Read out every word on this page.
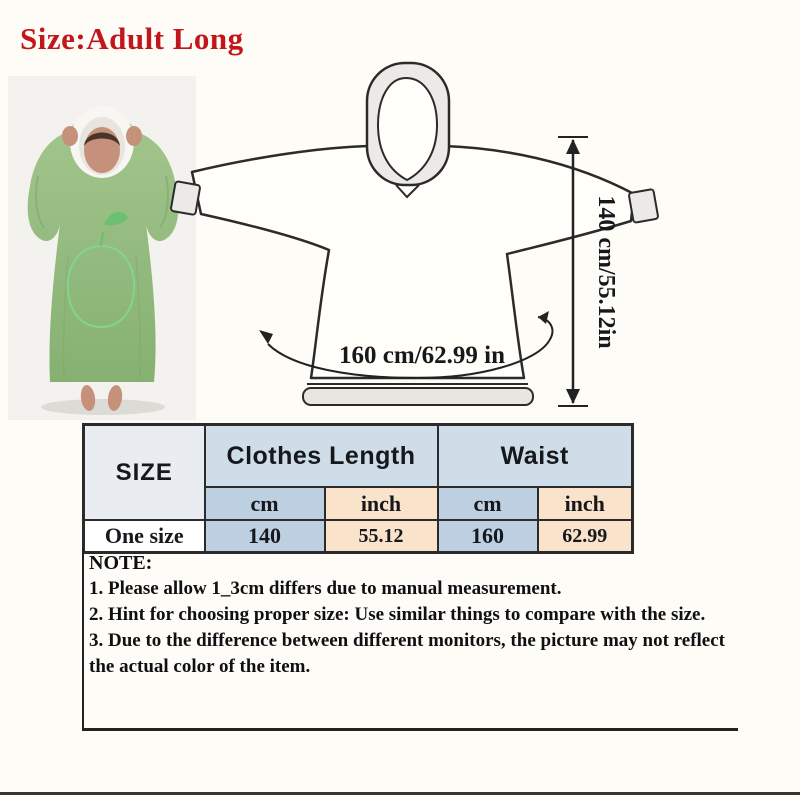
Size:Adult Long
160 cm/62.99 in
140 cm/55.12in
SIZE	Clothes Length		Waist	
	cm	inch	cm	inch
One size	140	55.12	160	62.99

NOTE:

1. Please allow 1_3cm differs due to manual measurement.

2. Hint for choosing proper size: Use similar things to compare with the size.

3. Due to the difference between different monitors, the picture may not reflect the actual color of the item.
